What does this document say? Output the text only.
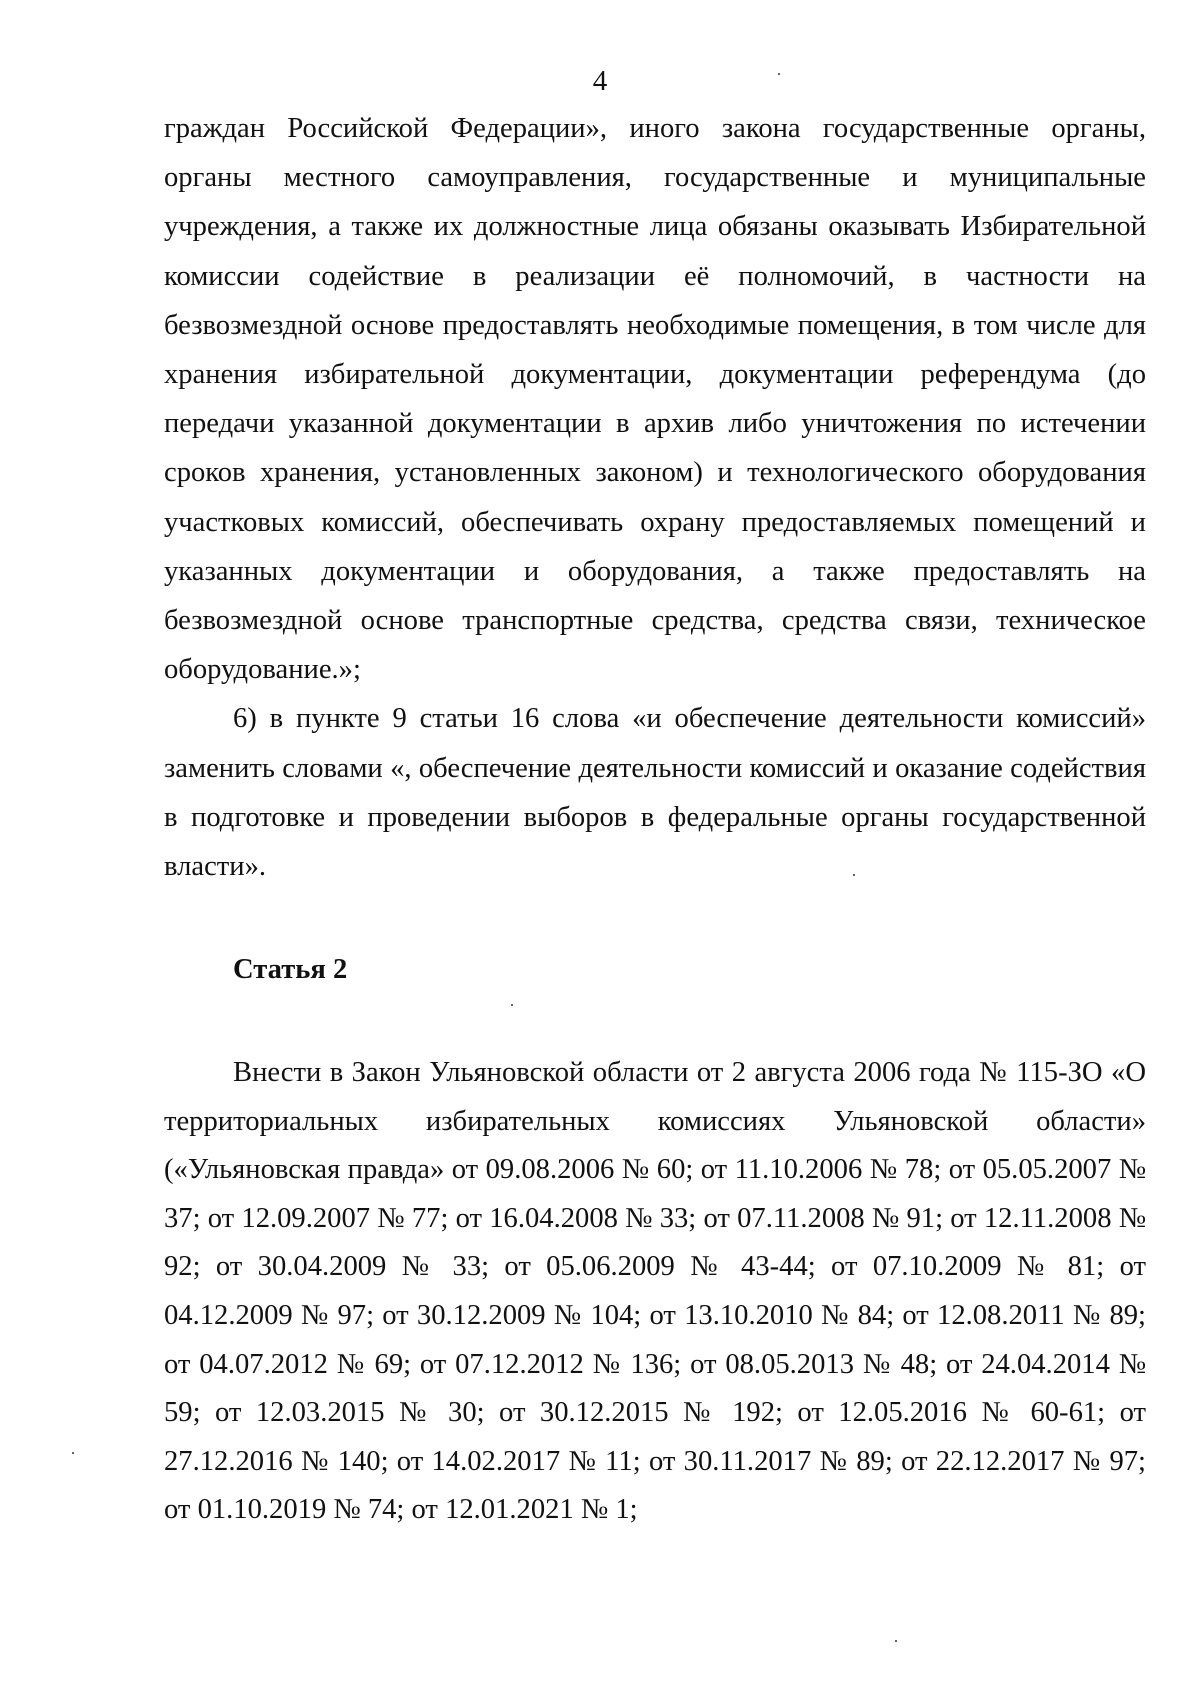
4

граждан Российской Федерации», иного закона государственные органы, органы местного самоуправления, государственные и муниципальные учреждения, а также их должностные лица обязаны оказывать Избирательной комиссии содействие в реализации её полномочий, в частности на безвозмездной основе предоставлять необходимые помещения, в том числе для хранения избирательной документации, документации референдума (до передачи указанной документации в архив либо уничтожения по истечении сроков хранения, установленных законом) и технологического оборудования участковых комиссий, обеспечивать охрану предоставляемых помещений и указанных документации и оборудования, а также предоставлять на безвозмездной основе транспортные средства, средства связи, техническое оборудование.»;

6) в пункте 9 статьи 16 слова «и обеспечение деятельности комиссий» заменить словами «, обеспечение деятельности комиссий и оказание содействия в подготовке и проведении выборов в федеральные органы государственной власти».

Статья 2

Внести в Закон Ульяновской области от 2 августа 2006 года № 115-ЗО «О территориальных избирательных комиссиях Ульяновской области» («Ульяновская правда» от 09.08.2006 № 60; от 11.10.2006 № 78; от 05.05.2007 № 37; от 12.09.2007 № 77; от 16.04.2008 № 33; от 07.11.2008 № 91; от 12.11.2008 № 92; от 30.04.2009 № 33; от 05.06.2009 № 43-44; от 07.10.2009 № 81; от 04.12.2009 № 97; от 30.12.2009 № 104; от 13.10.2010 № 84; от 12.08.2011 № 89; от 04.07.2012 № 69; от 07.12.2012 № 136; от 08.05.2013 № 48; от 24.04.2014 № 59; от 12.03.2015 № 30; от 30.12.2015 № 192; от 12.05.2016 № 60-61; от 27.12.2016 № 140; от 14.02.2017 № 11; от 30.11.2017 № 89; от 22.12.2017 № 97; от 01.10.2019 № 74; от 12.01.2021 № 1;
